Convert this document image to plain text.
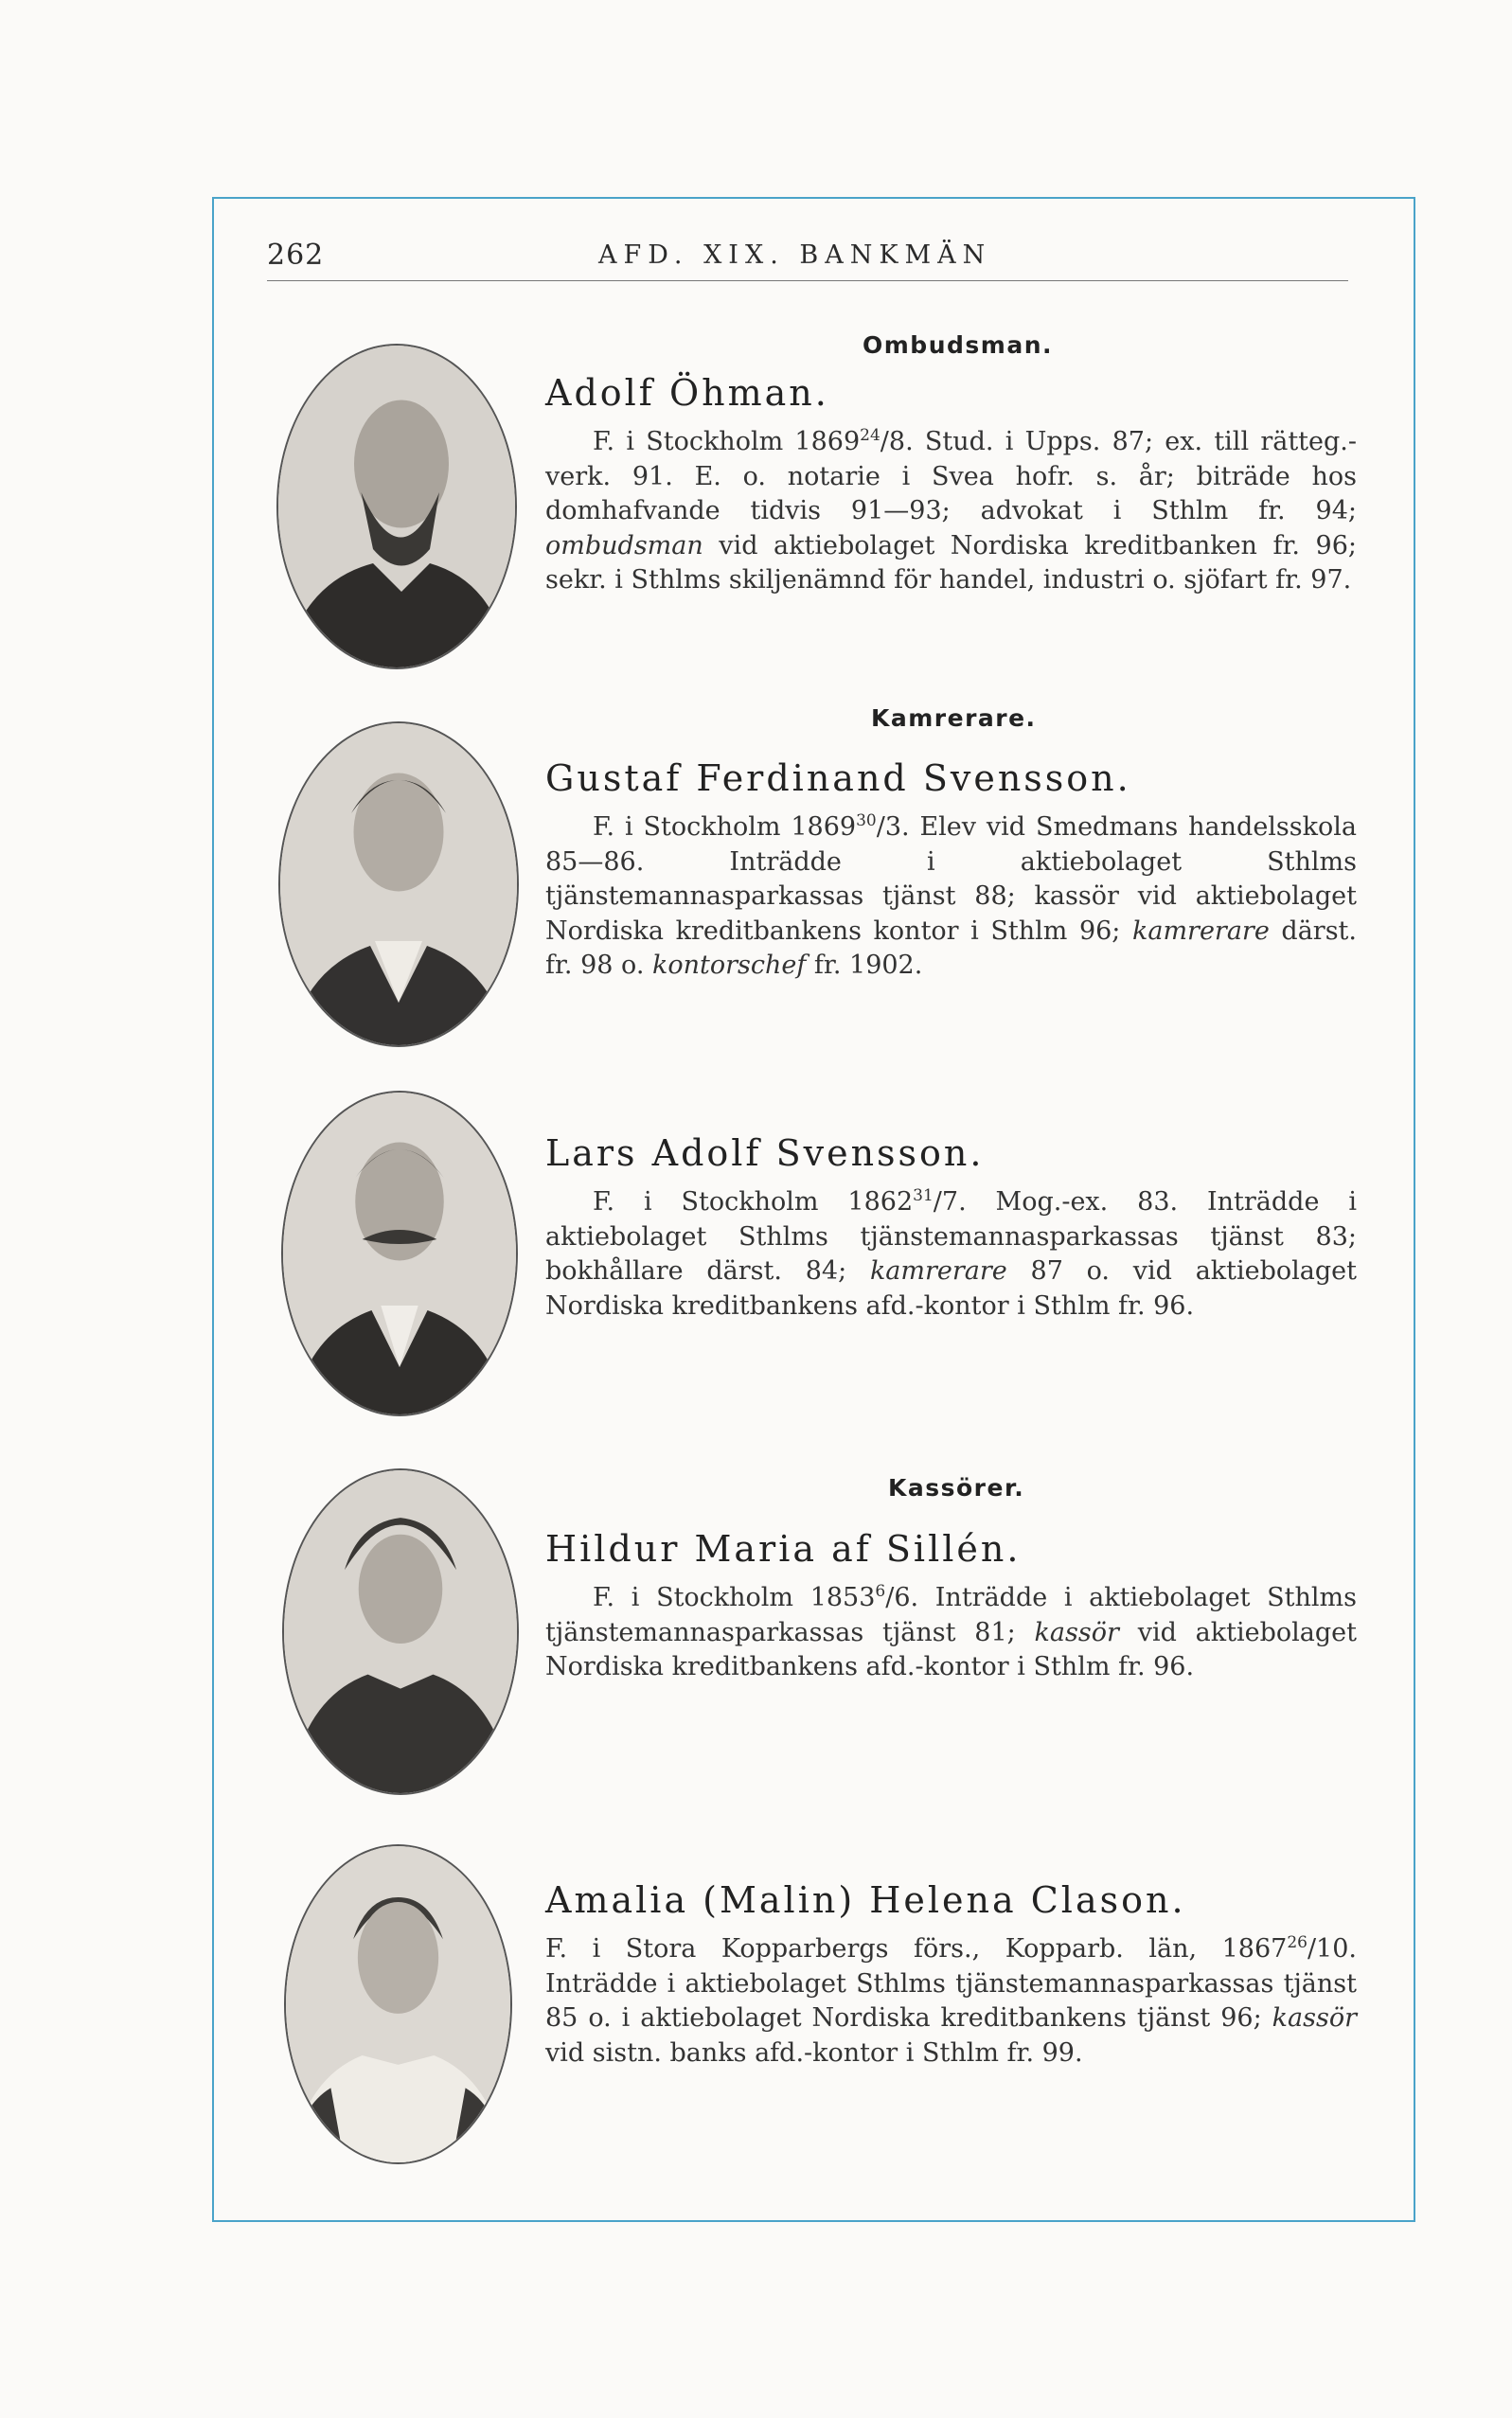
262	AFD. XIX. BANKMÄN
Ombudsman.
Kamrerare.
Kassörer.
Adolf Öhman.
F. i Stockholm 1869$^{24}$/8. Stud. i Upps. 87; ex. till rätteg.-verk. 91. E. o. notarie i Svea hofr. s. år; biträde hos domhafvande tidvis 91—93; advokat i Sthlm fr. 94; ombudsman vid aktiebolaget Nordiska kreditbanken fr. 96; sekr. i Sthlms skiljenämnd för handel, industri o. sjöfart fr. 97.
Gustaf Ferdinand Svensson.
F. i Stockholm 1869$^{30}$/3. Elev vid Smedmans handelsskola 85—86. Inträdde i aktiebolaget Sthlms tjänstemannasparkassas tjänst 88; kassör vid aktiebolaget Nordiska kreditbankens kontor i Sthlm 96; kamrerare därst. fr. 98 o. kontorschef fr. 1902.
Lars Adolf Svensson.
F. i Stockholm 1862$^{31}$/7. Mog.-ex. 83. Inträdde i aktiebolaget Sthlms tjänstemannasparkassas tjänst 83; bokhållare därst. 84; kamrerare 87 o. vid aktiebolaget Nordiska kreditbankens afd.-kontor i Sthlm fr. 96.
Hildur Maria af Sillén.
F. i Stockholm 1853$^6$/6. Inträdde i aktiebolaget Sthlms tjänstemannasparkassas tjänst 81; kassör vid aktiebolaget Nordiska kreditbankens afd.-kontor i Sthlm fr. 96.
Amalia (Malin) Helena Clason.
F. i Stora Kopparbergs förs., Kopparb. län, 1867$^{26}$/10. Inträdde i aktiebolaget Sthlms tjänstemannasparkassas tjänst 85 o. i aktiebolaget Nordiska kreditbankens tjänst 96; kassör vid sistn. banks afd.-kontor i Sthlm fr. 99.
